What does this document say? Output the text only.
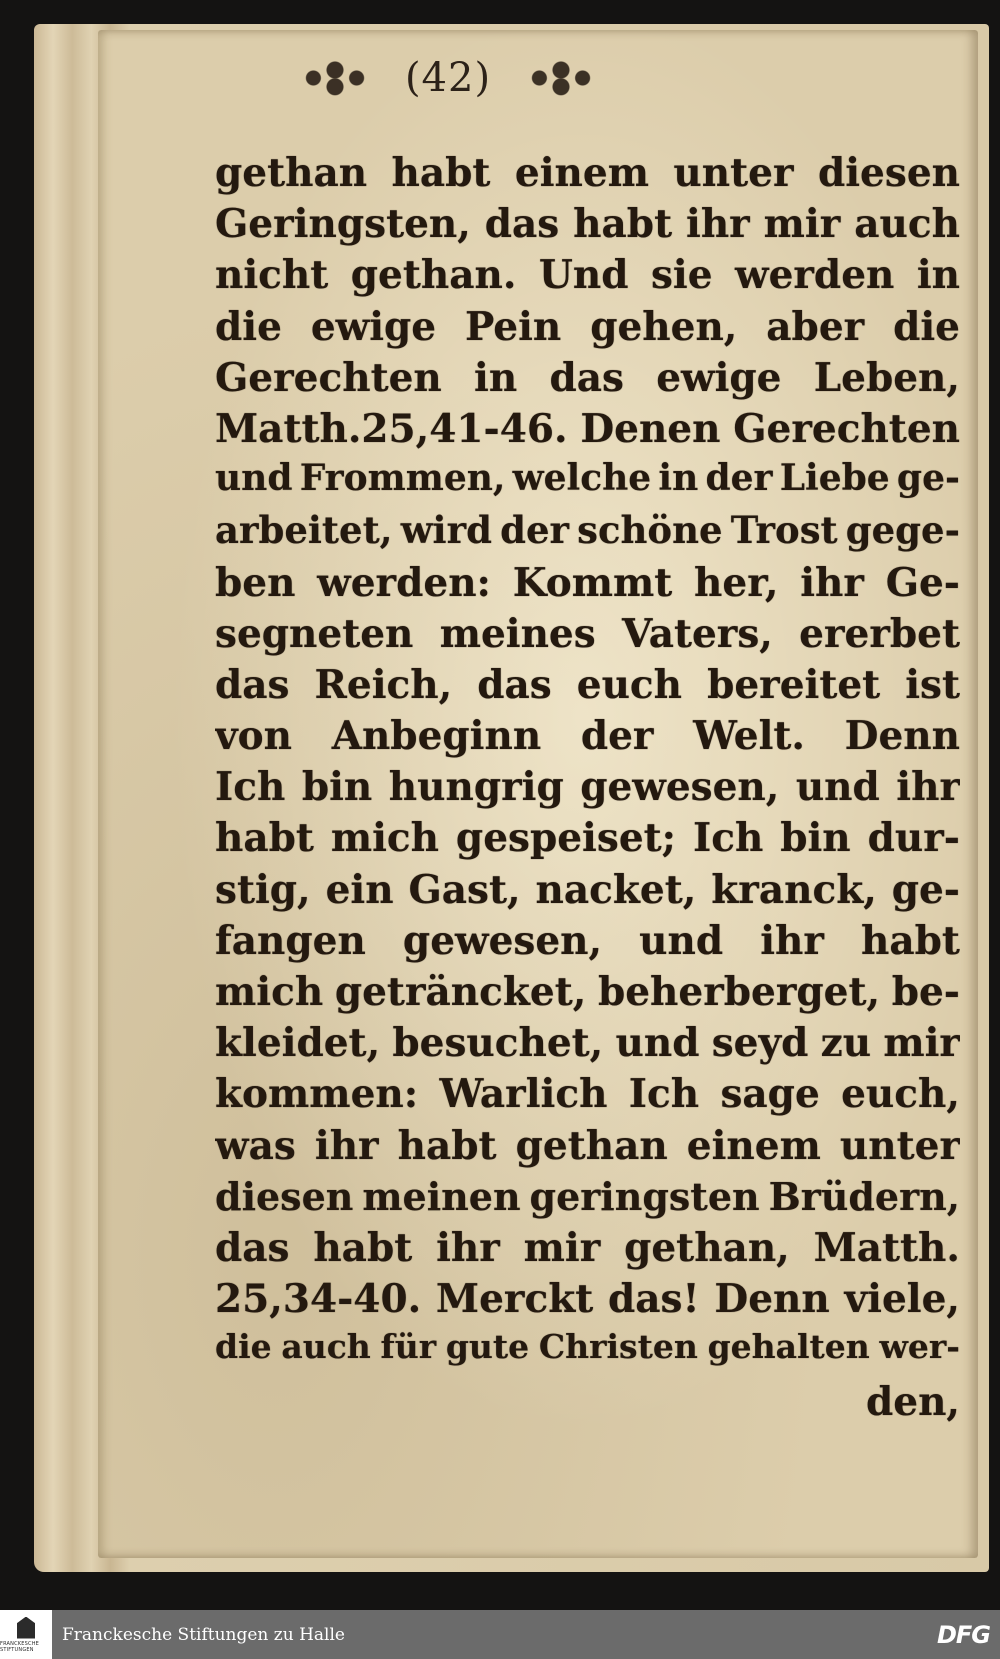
(42)
gethan habt einem unter diesen
Geringsten, das habt ihr mir auch
nicht gethan. Und sie werden in
die ewige Pein gehen, aber die
Gerechten in das ewige Leben,
Matth.25,41-46. Denen Gerechten
und Frommen, welche in der Liebe ge-
arbeitet, wird der schöne Trost gege-
ben werden: Kommt her, ihr Ge-
segneten meines Vaters, ererbet
das Reich, das euch bereitet ist
von Anbeginn der Welt. Denn
Ich bin hungrig gewesen, und ihr
habt mich gespeiset; Ich bin dur-
stig, ein Gast, nacket, kranck, ge-
fangen gewesen, und ihr habt
mich geträncket, beherberget, be-
kleidet, besuchet, und seyd zu mir
kommen: Warlich Ich sage euch,
was ihr habt gethan einem unter
diesen meinen geringsten Brüdern,
das habt ihr mir gethan, Matth.
25,34-40. Merckt das! Denn viele,
die auch für gute Christen gehalten wer-
den,
FRANCKESCHE STIFTUNGEN
Franckesche Stiftungen zu Halle	DFG
